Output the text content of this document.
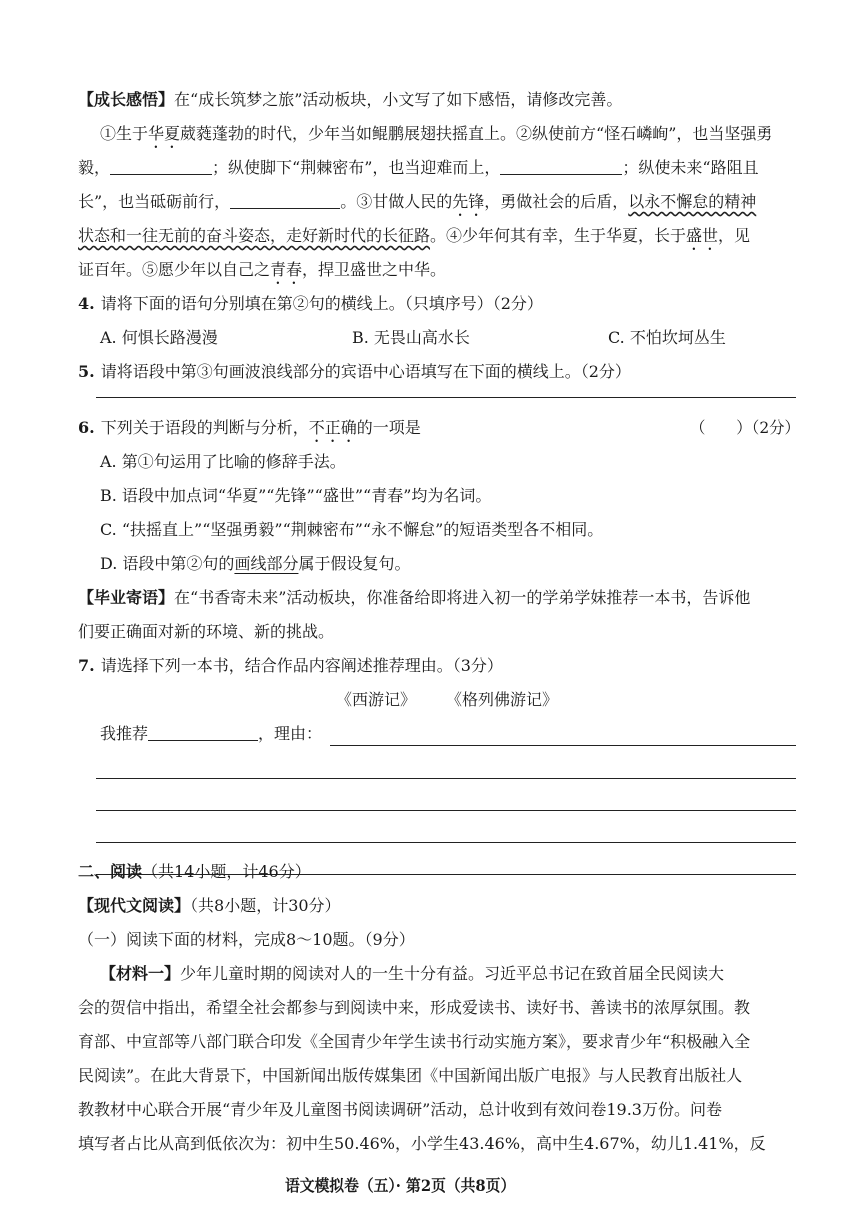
【成长感悟】在“成长筑梦之旅”活动板块，小文写了如下感悟，请修改完善。
①生于华夏葳蕤蓬勃的时代，少年当如鲲鹏展翅扶摇直上。②纵使前方“怪石嶙峋”，也当坚强勇
毅，	；纵使脚下“荆棘密布”，也当迎难而上，	；纵使未来“路阻且
长”，也当砥砺前行，	。③甘做人民的先锋，勇做社会的后盾，以永不懈怠的精神
状态和一往无前的奋斗姿态，走好新时代的长征路。④少年何其有幸，生于华夏，长于盛世，见
证百年。⑤愿少年以自己之青春，捍卫盛世之中华。
4. 请将下面的语句分别填在第②句的横线上。（只填序号）（2分）
A. 何惧长路漫漫	B. 无畏山高水长	C. 不怕坎坷丛生
5. 请将语段中第③句画波浪线部分的宾语中心语填写在下面的横线上。（2分）
6. 下列关于语段的判断与分析，不正确的一项是	（　　）（2分）
A. 第①句运用了比喻的修辞手法。
B. 语段中加点词“华夏”“先锋”“盛世”“青春”均为名词。
C. “扶摇直上”“坚强勇毅”“荆棘密布”“永不懈怠”的短语类型各不相同。
D. 语段中第②句的画线部分属于假设复句。
【毕业寄语】在“书香寄未来”活动板块，你准备给即将进入初一的学弟学妹推荐一本书，告诉他
们要正确面对新的环境、新的挑战。
7. 请选择下列一本书，结合作品内容阐述推荐理由。（3分）
《西游记》 《格列佛游记》
我推荐	，理由：
二、阅读（共14小题，计46分）
【现代文阅读】（共8小题，计30分）
（一）阅读下面的材料，完成8～10题。（9分）
【材料一】少年儿童时期的阅读对人的一生十分有益。习近平总书记在致首届全民阅读大
会的贺信中指出，希望全社会都参与到阅读中来，形成爱读书、读好书、善读书的浓厚氛围。教
育部、中宣部等八部门联合印发《全国青少年学生读书行动实施方案》，要求青少年“积极融入全
民阅读”。在此大背景下，中国新闻出版传媒集团《中国新闻出版广电报》与人民教育出版社人
教教材中心联合开展“青少年及儿童图书阅读调研”活动，总计收到有效问卷19.3万份。问卷
填写者占比从高到低依次为：初中生50.46%，小学生43.46%，高中生4.67%，幼儿1.41%，反
语文模拟卷（五）· 第2页（共8页）
